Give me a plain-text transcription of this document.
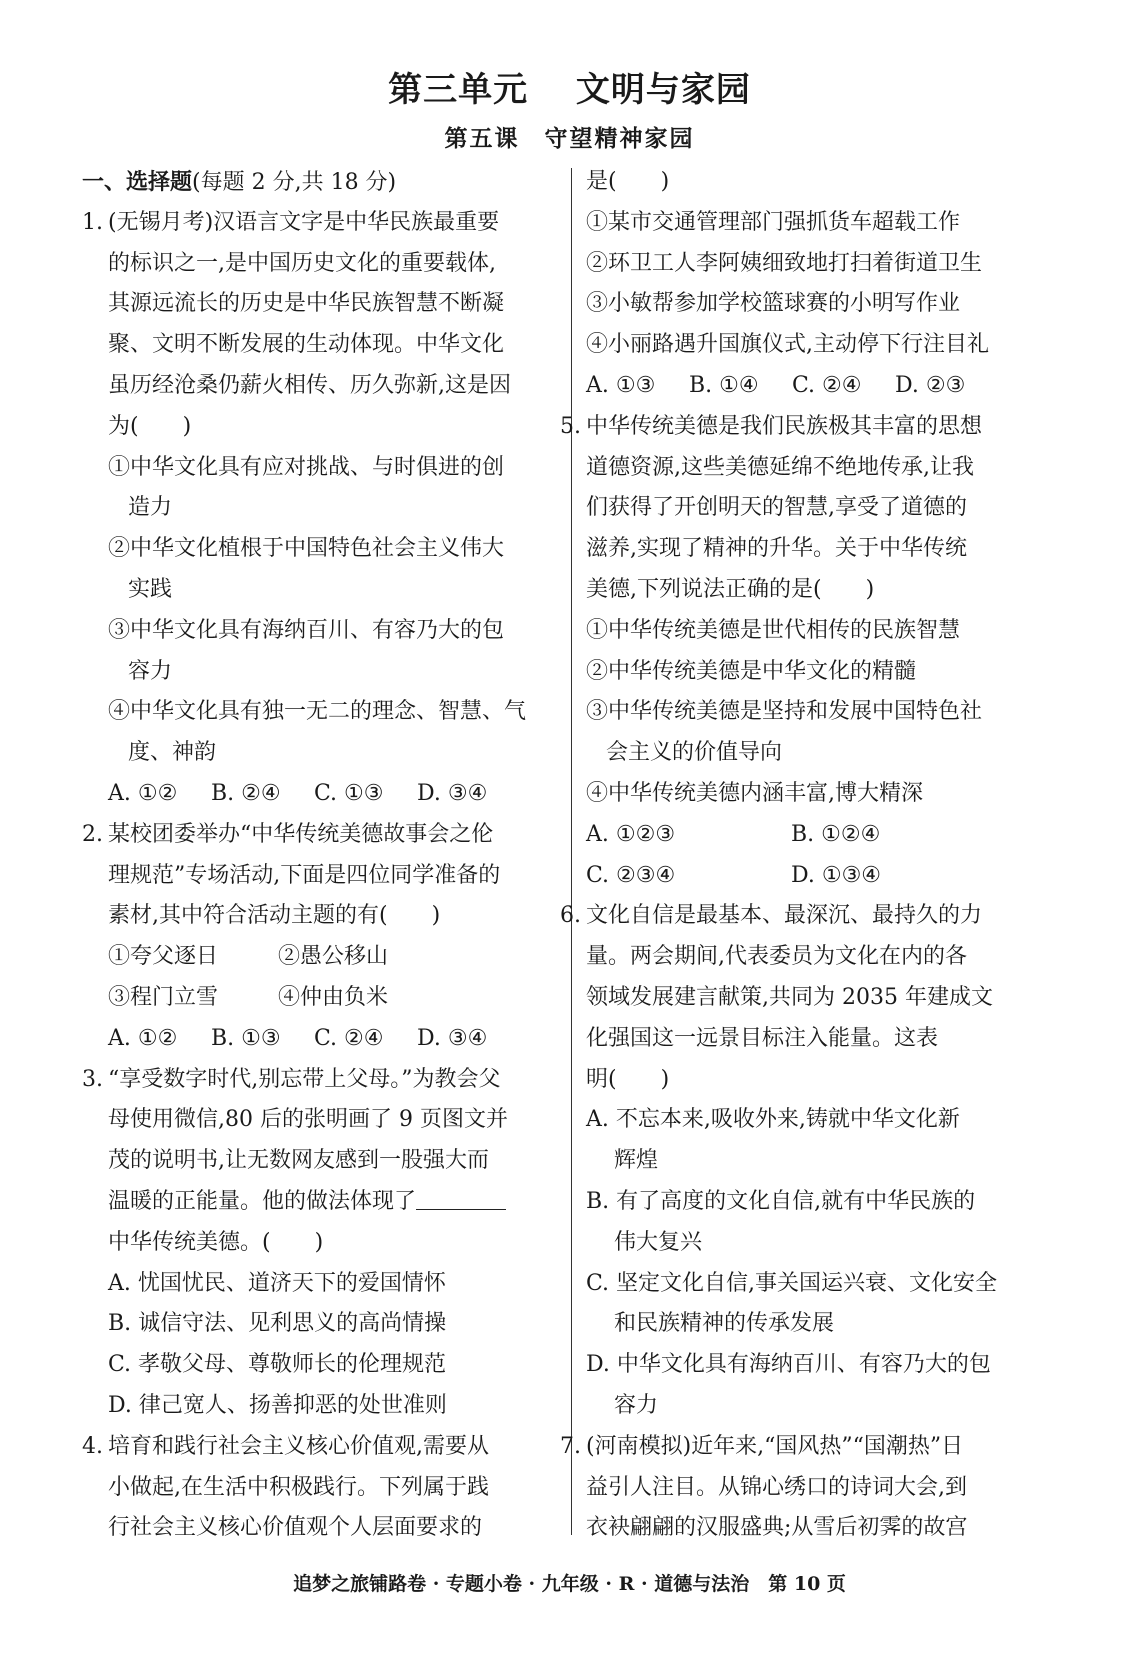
第三单元　 文明与家园
第五课　守望精神家园
一、选择题(每题 2 分,共 18 分)
1. (无锡月考)汉语言文字是中华民族最重要
的标识之一,是中国历史文化的重要载体,
其源远流长的历史是中华民族智慧不断凝
聚、文明不断发展的生动体现。中华文化
虽历经沧桑仍薪火相传、历久弥新,这是因
为(　　)
①中华文化具有应对挑战、与时俱进的创
造力
②中华文化植根于中国特色社会主义伟大
实践
③中华文化具有海纳百川、有容乃大的包
容力
④中华文化具有独一无二的理念、智慧、气
度、神韵
A. ①②	B. ②④	C. ①③	D. ③④
2. 某校团委举办“中华传统美德故事会之伦
理规范”专场活动,下面是四位同学准备的
素材,其中符合活动主题的有(　　)
①夸父逐日	②愚公移山
③程门立雪	④仲由负米
A. ①②	B. ①③	C. ②④	D. ③④
3. “享受数字时代,别忘带上父母。”为教会父
母使用微信,80 后的张明画了 9 页图文并
茂的说明书,让无数网友感到一股强大而
温暖的正能量。他的做法体现了
中华传统美德。(　　)
A. 忧国忧民、道济天下的爱国情怀
B. 诚信守法、见利思义的高尚情操
C. 孝敬父母、尊敬师长的伦理规范
D. 律己宽人、扬善抑恶的处世准则
4. 培育和践行社会主义核心价值观,需要从
小做起,在生活中积极践行。下列属于践
行社会主义核心价值观个人层面要求的
是(　　)
①某市交通管理部门强抓货车超载工作
②环卫工人李阿姨细致地打扫着街道卫生
③小敏帮参加学校篮球赛的小明写作业
④小丽路遇升国旗仪式,主动停下行注目礼
A. ①③	B. ①④	C. ②④	D. ②③
5. 中华传统美德是我们民族极其丰富的思想
道德资源,这些美德延绵不绝地传承,让我
们获得了开创明天的智慧,享受了道德的
滋养,实现了精神的升华。关于中华传统
美德,下列说法正确的是(　　)
①中华传统美德是世代相传的民族智慧
②中华传统美德是中华文化的精髓
③中华传统美德是坚持和发展中国特色社
会主义的价值导向
④中华传统美德内涵丰富,博大精深
A. ①②③	B. ①②④
C. ②③④	D. ①③④
6. 文化自信是最基本、最深沉、最持久的力
量。两会期间,代表委员为文化在内的各
领域发展建言献策,共同为 2035 年建成文
化强国这一远景目标注入能量。这表
明(　　)
A. 不忘本来,吸收外来,铸就中华文化新
辉煌
B. 有了高度的文化自信,就有中华民族的
伟大复兴
C. 坚定文化自信,事关国运兴衰、文化安全
和民族精神的传承发展
D. 中华文化具有海纳百川、有容乃大的包
容力
7. (河南模拟)近年来,“国风热”“国潮热”日
益引人注目。从锦心绣口的诗词大会,到
衣袂翩翩的汉服盛典;从雪后初霁的故宫
追梦之旅铺路卷 · 专题小卷 · 九年级 · R · 道德与法治　第 10 页
